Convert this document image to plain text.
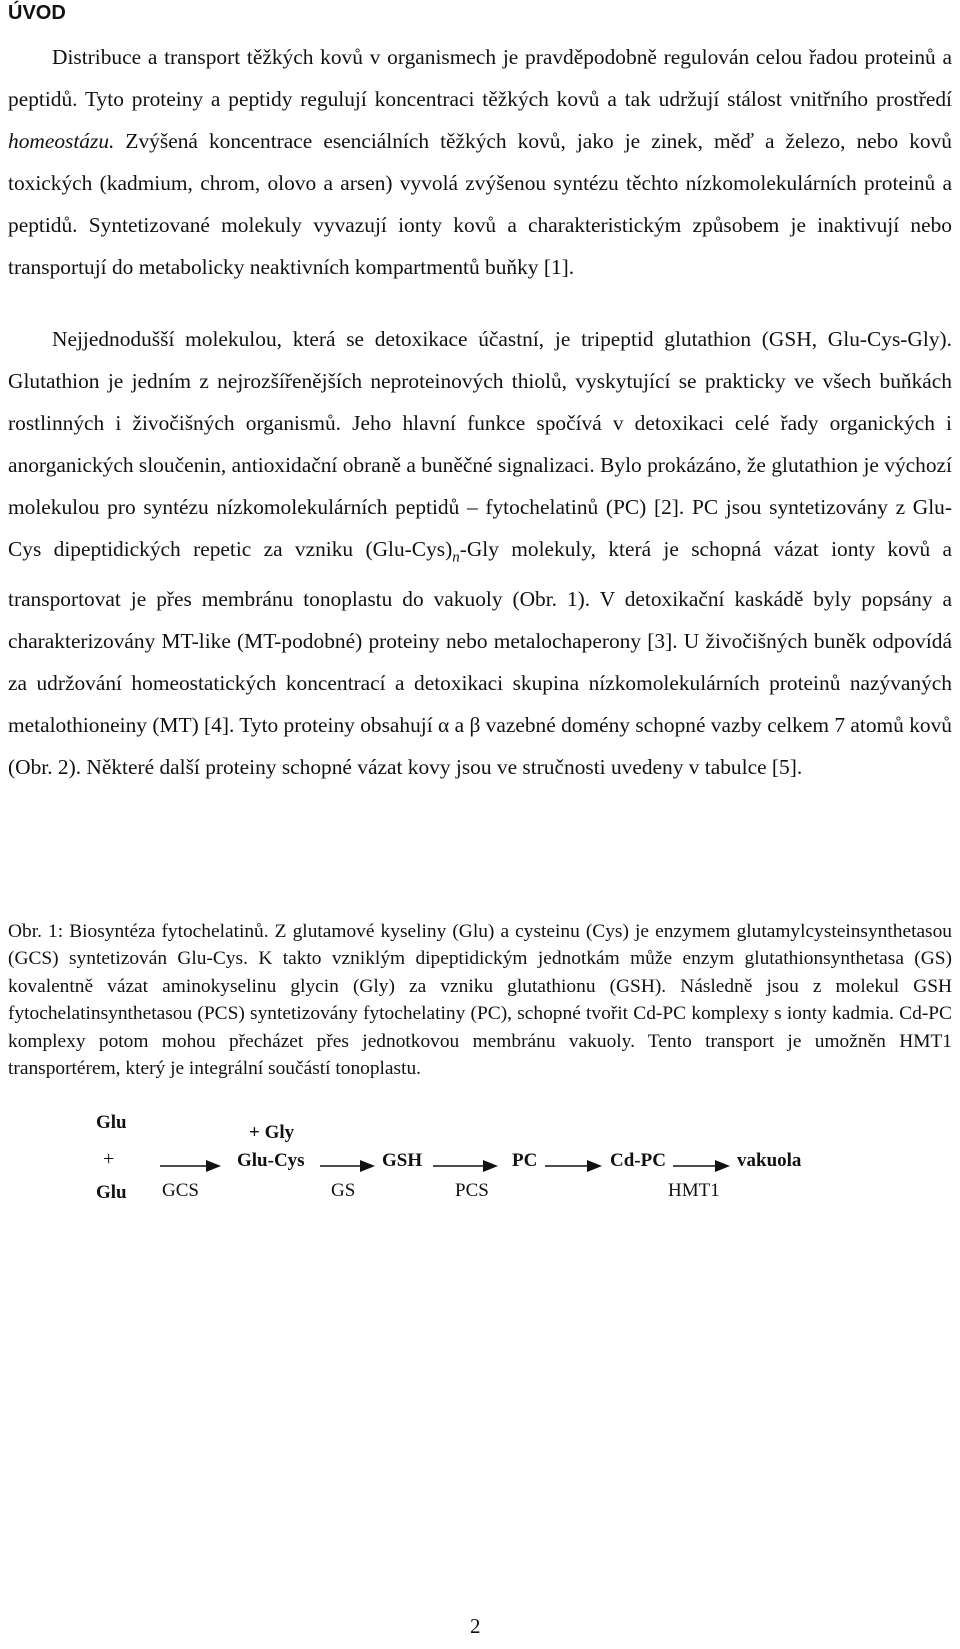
ÚVOD

Distribuce a transport těžkých kovů v organismech je pravděpodobně regulován celou řadou proteinů a peptidů. Tyto proteiny a peptidy regulují koncentraci těžkých kovů a tak udržují stálost vnitřního prostředí homeostázu. Zvýšená koncentrace esenciálních těžkých kovů, jako je zinek, měď a železo, nebo kovů toxických (kadmium, chrom, olovo a arsen) vyvolá zvýšenou syntézu těchto nízkomolekulárních proteinů a peptidů. Syntetizované molekuly vyvazují ionty kovů a charakteristickým způsobem je inaktivují nebo transportují do metabolicky neaktivních kompartmentů buňky [1].

Nejjednodušší molekulou, která se detoxikace účastní, je tripeptid glutathion (GSH, Glu-Cys-Gly). Glutathion je jedním z nejrozšířenějších neproteinových thiolů, vyskytující se prakticky ve všech buňkách rostlinných i živočišných organismů. Jeho hlavní funkce spočívá v detoxikaci celé řady organických i anorganických sloučenin, antioxidační obraně a buněčné signalizaci. Bylo prokázáno, že glutathion je výchozí molekulou pro syntézu nízkomolekulárních peptidů – fytochelatinů (PC) [2]. PC jsou syntetizovány z Glu-Cys dipeptidických repetic za vzniku $(Glu-Cys)_n$-Gly molekuly, která je schopná vázat ionty kovů a transportovat je přes membránu tonoplastu do vakuoly (Obr. 1). V detoxikační kaskádě byly popsány a charakterizovány MT-like (MT-podobné) proteiny nebo metalochaperony [3]. U živočišných buněk odpovídá za udržování homeostatických koncentrací a detoxikaci skupina nízkomolekulárních proteinů nazývaných metalothioneiny (MT) [4]. Tyto proteiny obsahují α a β vazebné domény schopné vazby celkem 7 atomů kovů (Obr. 2). Některé další proteiny schopné vázat kovy jsou ve stručnosti uvedeny v tabulce [5].

Obr. 1: Biosyntéza fytochelatinů. Z glutamové kyseliny (Glu) a cysteinu (Cys) je enzymem glutamylcysteinsynthetasou (GCS) syntetizován Glu-Cys. K takto vzniklým dipeptidickým jednotkám může enzym glutathionsynthetasa (GS) kovalentně vázat aminokyselinu glycin (Gly) za vzniku glutathionu (GSH). Následně jsou z molekul GSH fytochelatinsynthetasou (PCS) syntetizovány fytochelatiny (PC), schopné tvořit Cd-PC komplexy s ionty kadmia. Cd-PC komplexy potom mohou přecházet přes jednotkovou membránu vakuoly. Tento transport je umožněn HMT1 transportérem, který je integrální součástí tonoplastu.

Glu
+
Glu
+ Gly
Glu-Cys	GSH	PC	Cd-PC	vakuola
GCS	GS	PCS	HMT1
2
